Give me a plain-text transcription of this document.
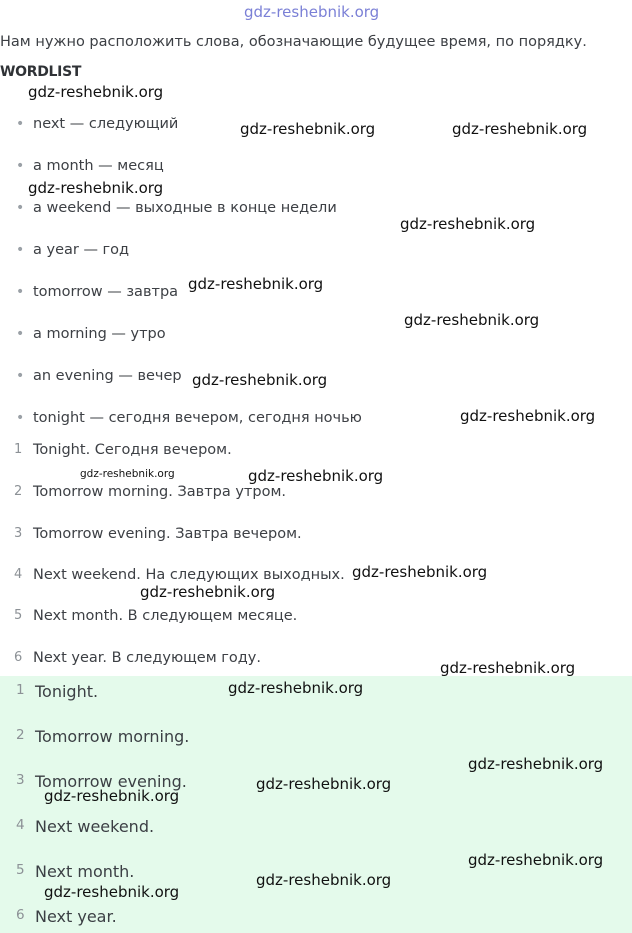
gdz-reshebnik.org
Нам нужно расположить слова, обозначающие будущее время, по порядку.
WORDLIST
• next — следующий
• a month — месяц
• a weekend — выходные в конце недели
• a year — год
• tomorrow — завтра
• a morning — утро
• an evening — вечер
• tonight — сегодня вечером, сегодня ночью
1 Tonight. Сегодня вечером.
2 Tomorrow morning. Завтра утром.
3 Tomorrow evening. Завтра вечером.
4 Next weekend. На следующих выходных.
5 Next month. В следующем месяце.
6 Next year. В следующем году.
1 Tonight.
2 Tomorrow morning.
3 Tomorrow evening.
4 Next weekend.
5 Next month.
6 Next year.
gdz-reshebnik.org
gdz-reshebnik.org	gdz-reshebnik.org
gdz-reshebnik.org
gdz-reshebnik.org
gdz-reshebnik.org
gdz-reshebnik.org
gdz-reshebnik.org
gdz-reshebnik.org
gdz-reshebnik.org	gdz-reshebnik.org
gdz-reshebnik.org
gdz-reshebnik.org
gdz-reshebnik.org
gdz-reshebnik.org
gdz-reshebnik.org
gdz-reshebnik.org
gdz-reshebnik.org
gdz-reshebnik.org
gdz-reshebnik.org
gdz-reshebnik.org
